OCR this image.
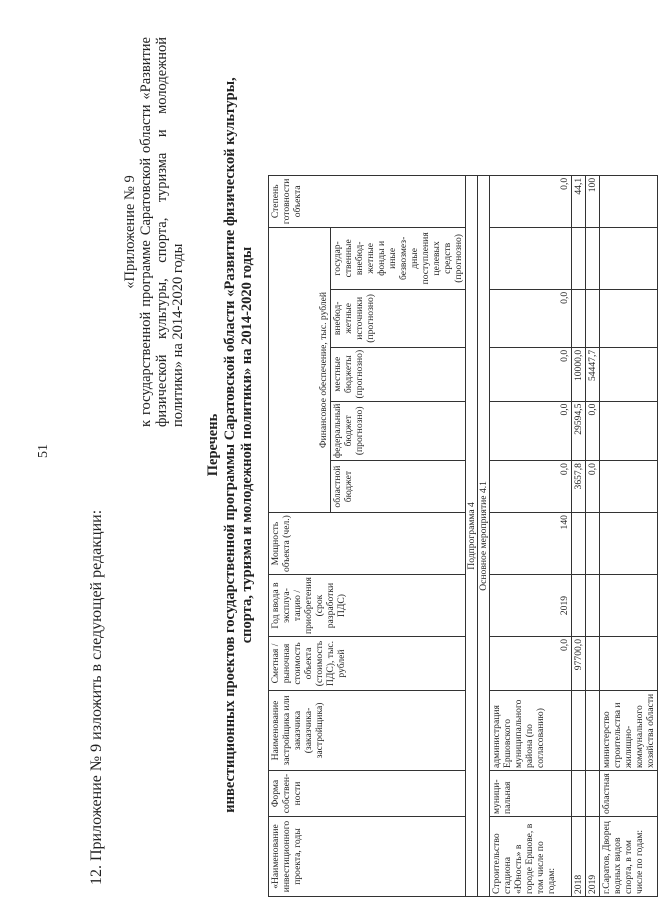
51
12. Приложение № 9 изложить в следующей редакции:
«Приложение № 9 к государственной программе Саратовской области «Развитие физической культуры, спорта, туризма и молодежной политики» на 2014-2020 годы
Перечень инвестиционных проектов государственной программы Саратовской области «Развитие физической культуры, спорта, туризма и молодежной политики» на 2014-2020 годы
«Наименование инвестиционного проекта, годы	Форма собствен-ности	Наименование застройщика или заказчика (заказчика-застройщика)	Сметная / рыночная стоимость объекта (стоимость ПДС), тыс. рублей	Год ввода в эксплуа-тацию / приобретения (срок разработки ПДС)	Мощность объекта (чел.)	Финансовое обеспечение, тыс. рублей					Степень готовности объекта
						областной бюджет	федеральный бюджет (прогнозно)	местные бюджеты (прогнозно)	внебюд-жетные источники (прогнозно)	государ-ственные внебюд-жетные фонды и иные безвозмез-дные поступления целевых средств (прогнозно)	
Подпрограмма 4											
Основное мероприятие 4.1											
Строительство стадиона «Юность» в городе Ершове, в том числе по годам:	муници-пальная	администрация Ершовского муниципального района (по согласованию)	0,0	2019	140	0,0	0,0	0,0	0,0		0,0
2018			97700,0			3657,8	29594,5	10000,0			44,1
2019						0,0	0,0	54447,7			100
г.Саратов, Дворец водных видов спорта, в том числе по годам:	областная	министерство строительства и жилищно-коммунального хозяйства области									
